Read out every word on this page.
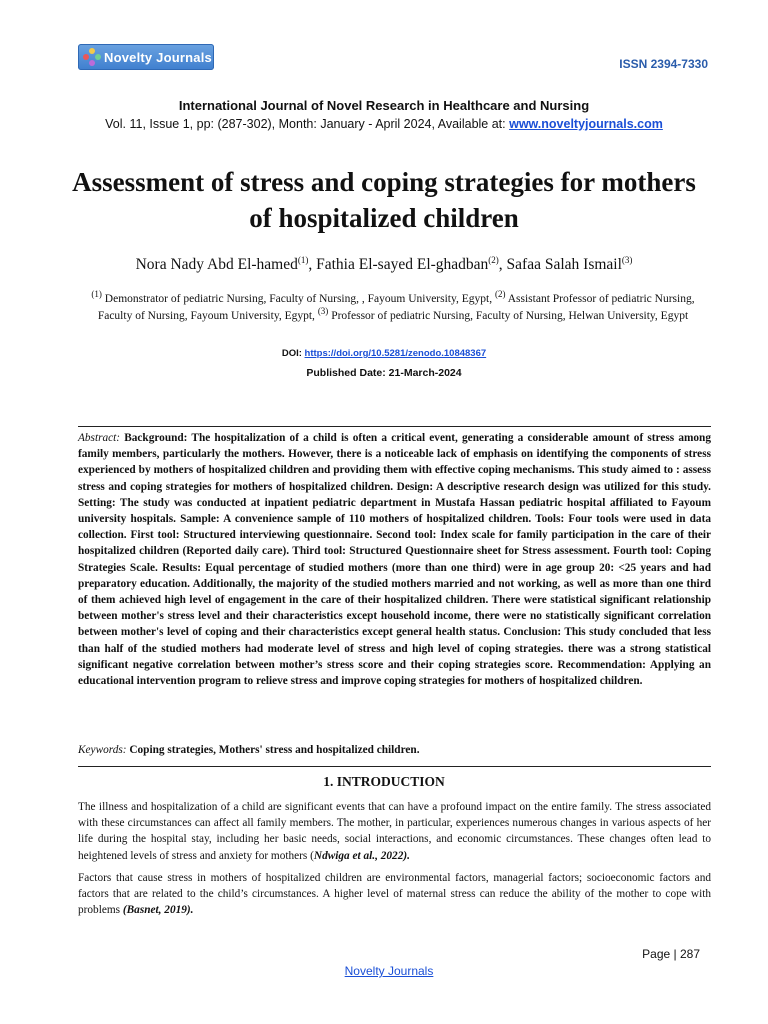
Novelty Journals	ISSN 2394-7330
International Journal of Novel Research in Healthcare and Nursing
Vol. 11, Issue 1, pp: (287-302), Month: January - April 2024, Available at: www.noveltyjournals.com
Assessment of stress and coping strategies for mothers of hospitalized children
Nora Nady Abd El-hamed$^{(1)}$, Fathia El-sayed El-ghadban$^{(2)}$, Safaa Salah Ismail$^{(3)}$
$^{(1)}$ Demonstrator of pediatric Nursing, Faculty of Nursing, , Fayoum University, Egypt, $^{(2)}$ Assistant Professor of pediatric Nursing, Faculty of Nursing, Fayoum University, Egypt, $^{(3)}$ Professor of pediatric Nursing, Faculty of Nursing, Helwan University, Egypt
DOI: https://doi.org/10.5281/zenodo.10848367
Published Date: 21-March-2024
Abstract: Background: The hospitalization of a child is often a critical event, generating a considerable amount of stress among family members, particularly the mothers. However, there is a noticeable lack of emphasis on identifying the components of stress experienced by mothers of hospitalized children and providing them with effective coping mechanisms. This study aimed to : assess stress and coping strategies for mothers of hospitalized children. Design: A descriptive research design was utilized for this study. Setting: The study was conducted at inpatient pediatric department in Mustafa Hassan pediatric hospital affiliated to Fayoum university hospitals. Sample: A convenience sample of 110 mothers of hospitalized children. Tools: Four tools were used in data collection. First tool: Structured interviewing questionnaire. Second tool: Index scale for family participation in the care of their hospitalized children (Reported daily care). Third tool: Structured Questionnaire sheet for Stress assessment. Fourth tool: Coping Strategies Scale. Results: Equal percentage of studied mothers (more than one third) were in age group 20: <25 years and had preparatory education. Additionally, the majority of the studied mothers married and not working, as well as more than one third of them achieved high level of engagement in the care of their hospitalized children. There were statistical significant relationship between mother's stress level and their characteristics except household income, there were no statistically significant correlation between mother's level of coping and their characteristics except general health status. Conclusion: This study concluded that less than half of the studied mothers had moderate level of stress and high level of coping strategies. there was a strong statistical significant negative correlation between mother’s stress score and their coping strategies score. Recommendation: Applying an educational intervention program to relieve stress and improve coping strategies for mothers of hospitalized children.
Keywords: Coping strategies, Mothers' stress and hospitalized children.
1. INTRODUCTION
The illness and hospitalization of a child are significant events that can have a profound impact on the entire family. The stress associated with these circumstances can affect all family members. The mother, in particular, experiences numerous changes in various aspects of her life during the hospital stay, including her basic needs, social interactions, and economic circumstances. These changes often lead to heightened levels of stress and anxiety for mothers (Ndwiga et al., 2022).
Factors that cause stress in mothers of hospitalized children are environmental factors, managerial factors; socioeconomic factors and factors that are related to the child’s circumstances. A higher level of maternal stress can reduce the ability of the mother to cope with problems (Basnet, 2019).
Page | 287
Novelty Journals
